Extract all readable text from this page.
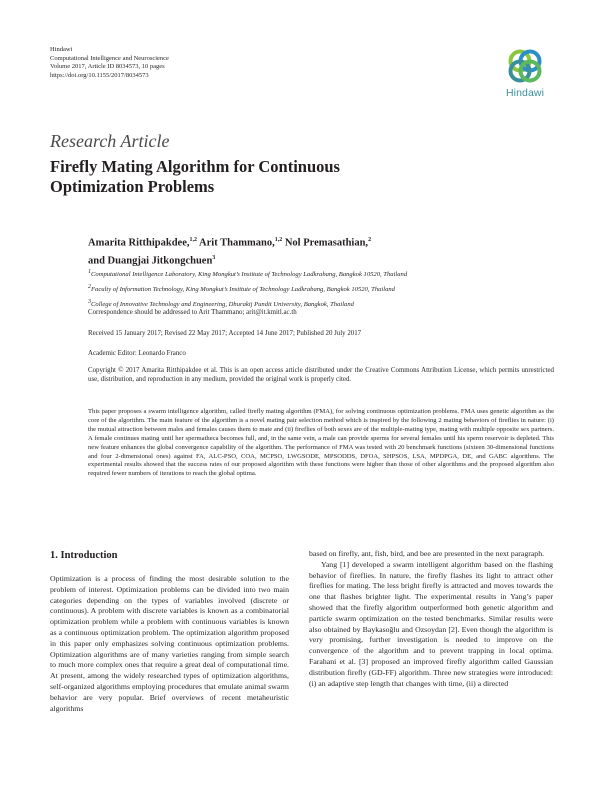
Hindawi
Computational Intelligence and Neuroscience
Volume 2017, Article ID 8034573, 10 pages
https://doi.org/10.1155/2017/8034573
Hindawi
Research Article
Firefly Mating Algorithm for Continuous
Optimization Problems
Amarita Ritthipakdee,$^{1,2}$ Arit Thammano,$^{1,2}$ Nol Premasathian,$^2$
and Duangjai Jitkongchuen$^3$
$^1$Computational Intelligence Laboratory, King Mongkut’s Institute of Technology Ladkrabang, Bangkok 10520, Thailand
$^2$Faculty of Information Technology, King Mongkut’s Institute of Technology Ladkrabang, Bangkok 10520, Thailand
$^3$College of Innovative Technology and Engineering, Dhurakij Pundit University, Bangkok, Thailand
Correspondence should be addressed to Arit Thammano; arit@it.kmitl.ac.th
Received 15 January 2017; Revised 22 May 2017; Accepted 14 June 2017; Published 20 July 2017
Academic Editor: Leonardo Franco
Copyright © 2017 Amarita Ritthipakdee et al. This is an open access article distributed under the Creative Commons Attribution License, which permits unrestricted use, distribution, and reproduction in any medium, provided the original work is properly cited.
This paper proposes a swarm intelligence algorithm, called firefly mating algorithm (FMA), for solving continuous optimization problems. FMA uses genetic algorithm as the core of the algorithm. The main feature of the algorithm is a novel mating pair selection method which is inspired by the following 2 mating behaviors of fireflies in nature: (i) the mutual attraction between males and females causes them to mate and (ii) fireflies of both sexes are of the multiple-mating type, mating with multiple opposite sex partners. A female continues mating until her spermatheca becomes full, and, in the same vein, a male can provide sperms for several females until his sperm reservoir is depleted. This new feature enhances the global convergence capability of the algorithm. The performance of FMA was tested with 20 benchmark functions (sixteen 30-dimensional functions and four 2-dimensional ones) against FA, ALC-PSO, COA, MCPSO, LWGSODE, MPSODDS, DFOA, SHPSOS, LSA, MPDPGA, DE, and GABC algorithms. The experimental results showed that the success rates of our proposed algorithm with these functions were higher than those of other algorithms and the proposed algorithm also required fewer numbers of iterations to reach the global optima.
1. Introduction

Optimization is a process of finding the most desirable solution to the problem of interest. Optimization problems can be divided into two main categories depending on the types of variables involved (discrete or continuous). A problem with discrete variables is known as a combinatorial optimization problem while a problem with continuous variables is known as a continuous optimization problem. The optimization algorithm proposed in this paper only emphasizes solving continuous optimization problems. Optimization algorithms are of many varieties ranging from simple search to much more complex ones that require a great deal of computational time. At present, among the widely researched types of optimization algorithms, self-organized algorithms employing procedures that emulate animal swarm behavior are very popular. Brief overviews of recent metaheuristic algorithms

based on firefly, ant, fish, bird, and bee are presented in the next paragraph.

Yang [1] developed a swarm intelligent algorithm based on the flashing behavior of fireflies. In nature, the firefly flashes its light to attract other fireflies for mating. The less bright firefly is attracted and moves towards the one that flashes brighter light. The experimental results in Yang’s paper showed that the firefly algorithm outperformed both genetic algorithm and particle swarm optimization on the tested benchmarks. Similar results were also obtained by Baykasoğlu and Ozsoydan [2]. Even though the algorithm is very promising, further investigation is needed to improve on the convergence of the algorithm and to prevent trapping in local optima. Farahani et al. [3] proposed an improved firefly algorithm called Gaussian distribution firefly (GD-FF) algorithm. Three new strategies were introduced: (i) an adaptive step length that changes with time, (ii) a directed
